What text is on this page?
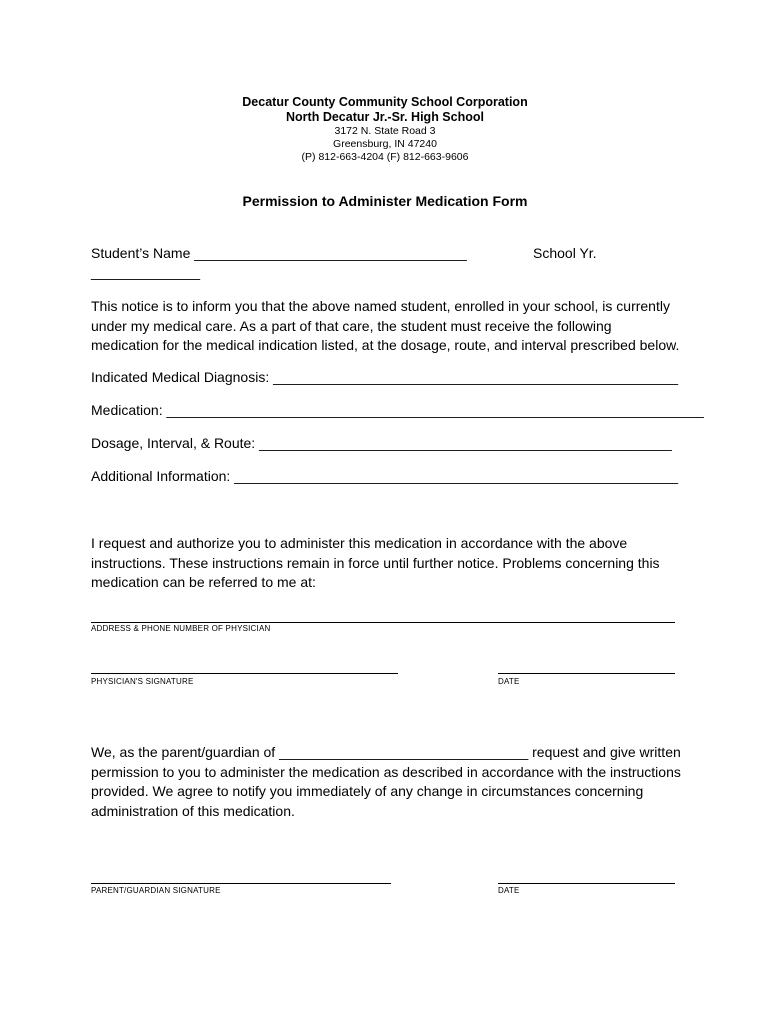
Decatur County Community School Corporation
North Decatur Jr.-Sr. High School
3172 N. State Road 3
Greensburg, IN 47240
(P) 812-663-4204 (F) 812-663-9606
Permission to Administer Medication Form
Student’s Name ___________________________________	School Yr.
______________
This notice is to inform you that the above named student, enrolled in your school, is currently
under my medical care. As a part of that care, the student must receive the following
medication for the medical indication listed, at the dosage, route, and interval prescribed below.
Indicated Medical Diagnosis: ____________________________________________________
Medication: _____________________________________________________________________
Dosage, Interval, & Route: _____________________________________________________
Additional Information: _________________________________________________________
I request and authorize you to administer this medication in accordance with the above
instructions. These instructions remain in force until further notice. Problems concerning this
medication can be referred to me at:
ADDRESS & PHONE NUMBER OF PHYSICIAN
PHYSICIAN'S SIGNATURE	DATE
We, as the parent/guardian of ________________________________ request and give written
permission to you to administer the medication as described in accordance with the instructions
provided. We agree to notify you immediately of any change in circumstances concerning
administration of this medication.
PARENT/GUARDIAN SIGNATURE	DATE
